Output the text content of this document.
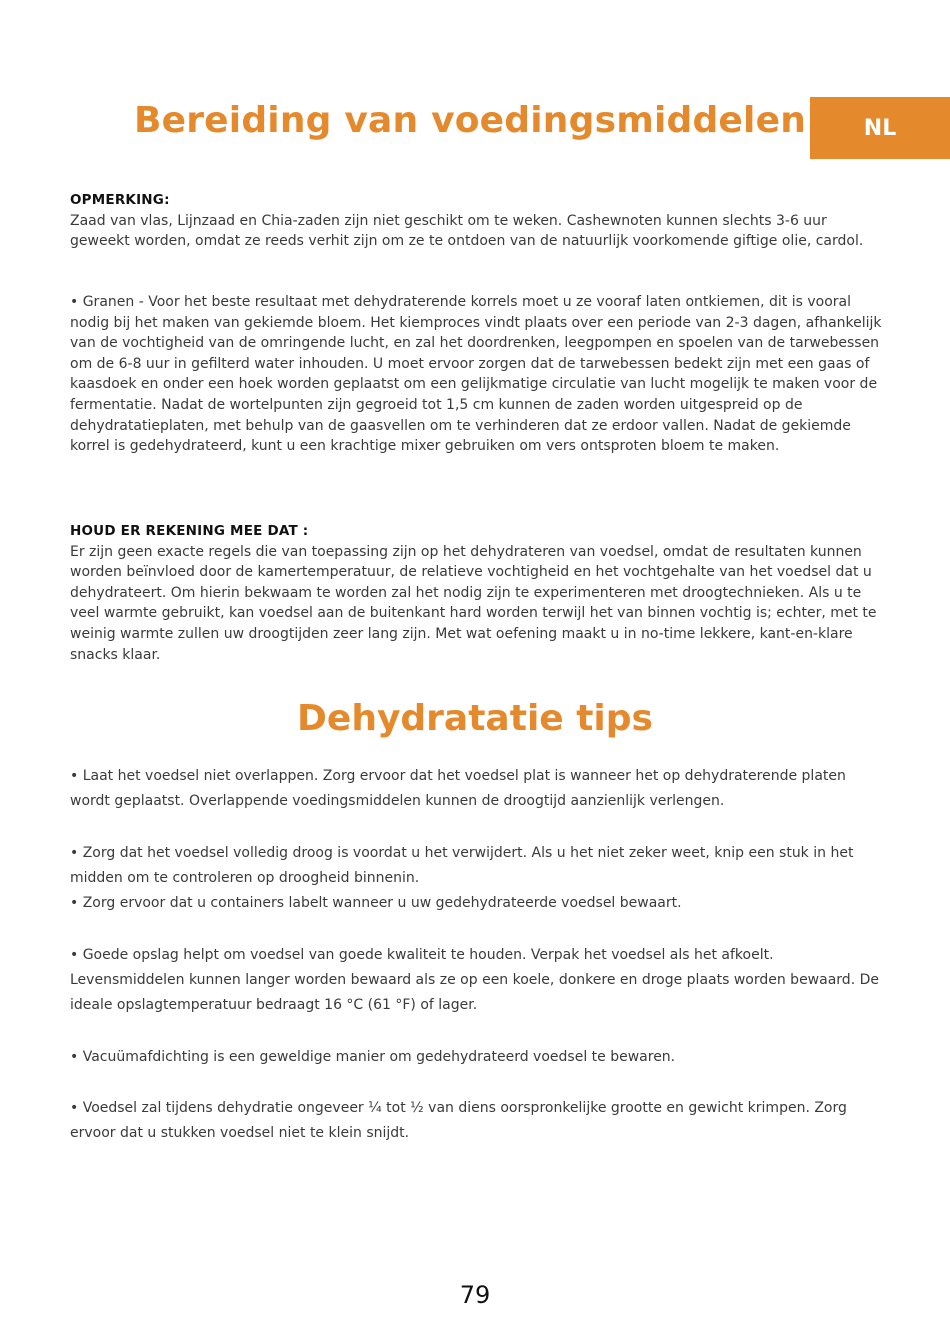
Bereiding van voedingsmiddelen	NL
OPMERKING:

Zaad van vlas, Lijnzaad en Chia-zaden zijn niet geschikt om te weken. Cashewnoten kunnen slechts 3-6 uur geweekt worden, omdat ze reeds verhit zijn om ze te ontdoen van de natuurlijk voorkomende giftige olie, cardol.

• Granen - Voor het beste resultaat met dehydraterende korrels moet u ze vooraf laten ontkiemen, dit is vooral nodig bij het maken van gekiemde bloem. Het kiemproces vindt plaats over een periode van 2-3 dagen, afhankelijk van de vochtigheid van de omringende lucht, en zal het doordrenken, leegpompen en spoelen van de tarwebessen om de 6-8 uur in gefilterd water inhouden. U moet ervoor zorgen dat de tarwebessen bedekt zijn met een gaas of kaasdoek en onder een hoek worden geplaatst om een gelijkmatige circulatie van lucht mogelijk te maken voor de fermentatie. Nadat de wortelpunten zijn gegroeid tot 1,5 cm kunnen de zaden worden uitgespreid op de dehydratatieplaten, met behulp van de gaasvellen om te verhinderen dat ze erdoor vallen. Nadat de gekiemde korrel is gedehydrateerd, kunt u een krachtige mixer gebruiken om vers ontsproten bloem te maken.

HOUD ER REKENING MEE DAT :

Er zijn geen exacte regels die van toepassing zijn op het dehydrateren van voedsel, omdat de resultaten kunnen worden beïnvloed door de kamertemperatuur, de relatieve vochtigheid en het vochtgehalte van het voedsel dat u dehydrateert. Om hierin bekwaam te worden zal het nodig zijn te experimenteren met droogtechnieken. Als u te veel warmte gebruikt, kan voedsel aan de buitenkant hard worden terwijl het van binnen vochtig is; echter, met te weinig warmte zullen uw droogtijden zeer lang zijn. Met wat oefening maakt u in no-time lekkere, kant-en-klare snacks klaar.

Dehydratatie tips
• Laat het voedsel niet overlappen. Zorg ervoor dat het voedsel plat is wanneer het op dehydraterende platen wordt geplaatst. Overlappende voedingsmiddelen kunnen de droogtijd aanzienlijk verlengen.
• Zorg dat het voedsel volledig droog is voordat u het verwijdert. Als u het niet zeker weet, knip een stuk in het midden om te controleren op droogheid binnenin.
• Zorg ervoor dat u containers labelt wanneer u uw gedehydrateerde voedsel bewaart.
• Goede opslag helpt om voedsel van goede kwaliteit te houden. Verpak het voedsel als het afkoelt. Levensmiddelen kunnen langer worden bewaard als ze op een koele, donkere en droge plaats worden bewaard. De ideale opslagtemperatuur bedraagt 16 °C (61 °F) of lager.
• Vacuümafdichting is een geweldige manier om gedehydrateerd voedsel te bewaren.
• Voedsel zal tijdens dehydratie ongeveer ¼ tot ½ van diens oorspronkelijke grootte en gewicht krimpen. Zorg ervoor dat u stukken voedsel niet te klein snijdt.
79
